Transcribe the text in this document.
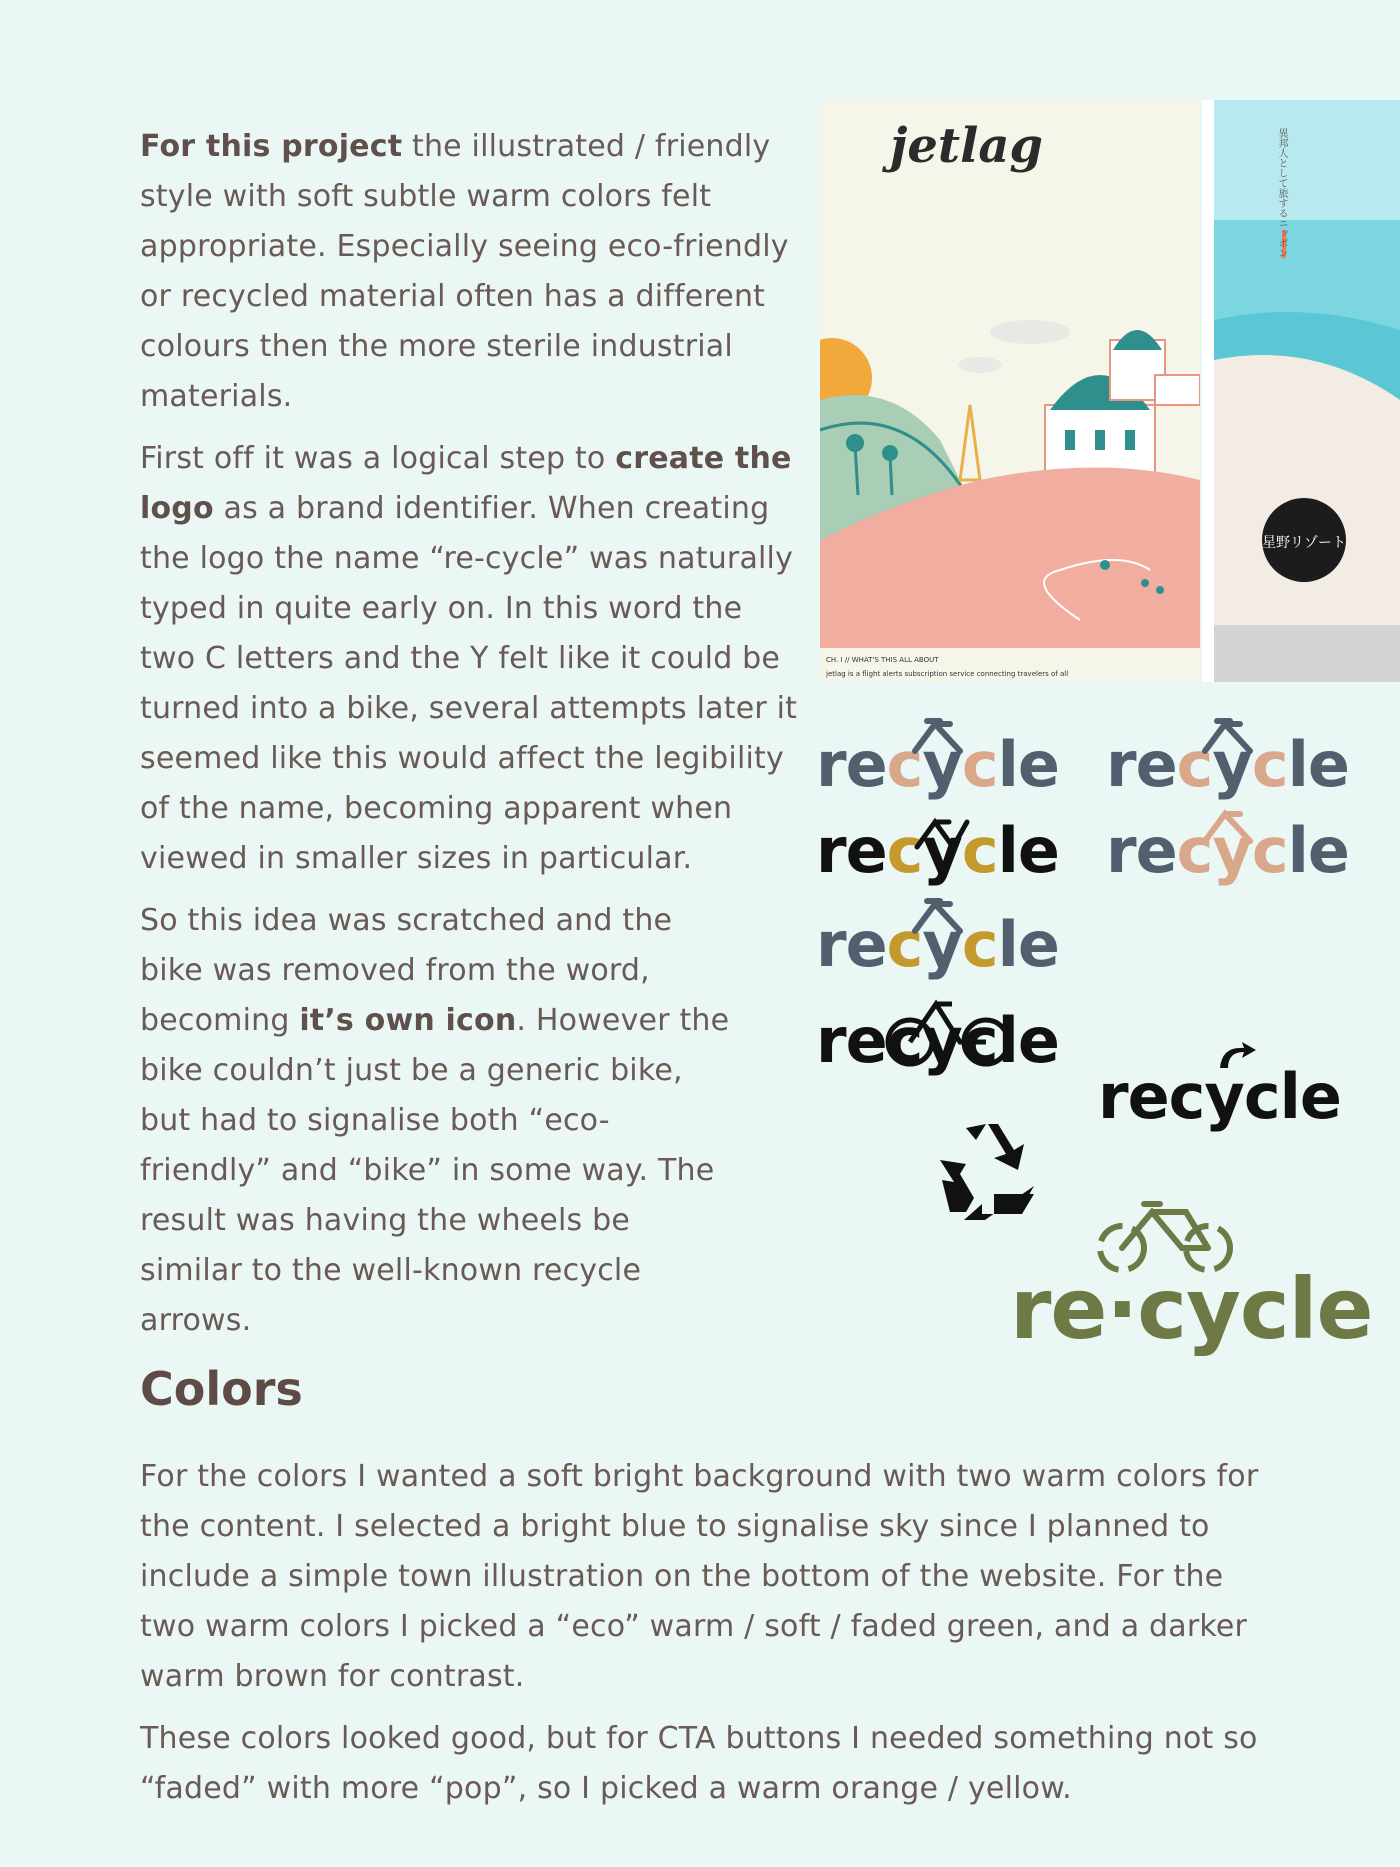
For this project the illustrated / friendly style with soft subtle warm colors felt appropriate. Especially seeing eco-friendly or recycled material often has a different colours then the more sterile industrial materials.

First off it was a logical step to create the logo as a brand identifier. When creating the logo the name “re-cycle” was naturally typed in quite early on. In this word the two C letters and the Y felt like it could be turned into a bike, several attempts later it seemed like this would affect the legibility of the name, becoming apparent when viewed in smaller sizes in particular.

So this idea was scratched and the bike was removed from the word, becoming it’s own icon. However the bike couldn’t just be a generic bike, but had to signalise both “eco-friendly” and “bike” in some way. The result was having the wheels be similar to the well-known recycle arrows.

jetlag
CH. I // WHAT'S THIS ALL ABOUT
jetlag is a flight alerts subscription service connecting travelers of all
異邦人として旅するニッポン
星野リゾート
recycle recycle
recycle recycle
recycle
recycle
recycle
re·cycle
Colors

For the colors I wanted a soft bright background with two warm colors for the content. I selected a bright blue to signalise sky since I planned to include a simple town illustration on the bottom of the website. For the two warm colors I picked a “eco” warm / soft / faded green, and a darker warm brown for contrast.

These colors looked good, but for CTA buttons I needed something not so “faded” with more “pop”, so I picked a warm orange / yellow.
